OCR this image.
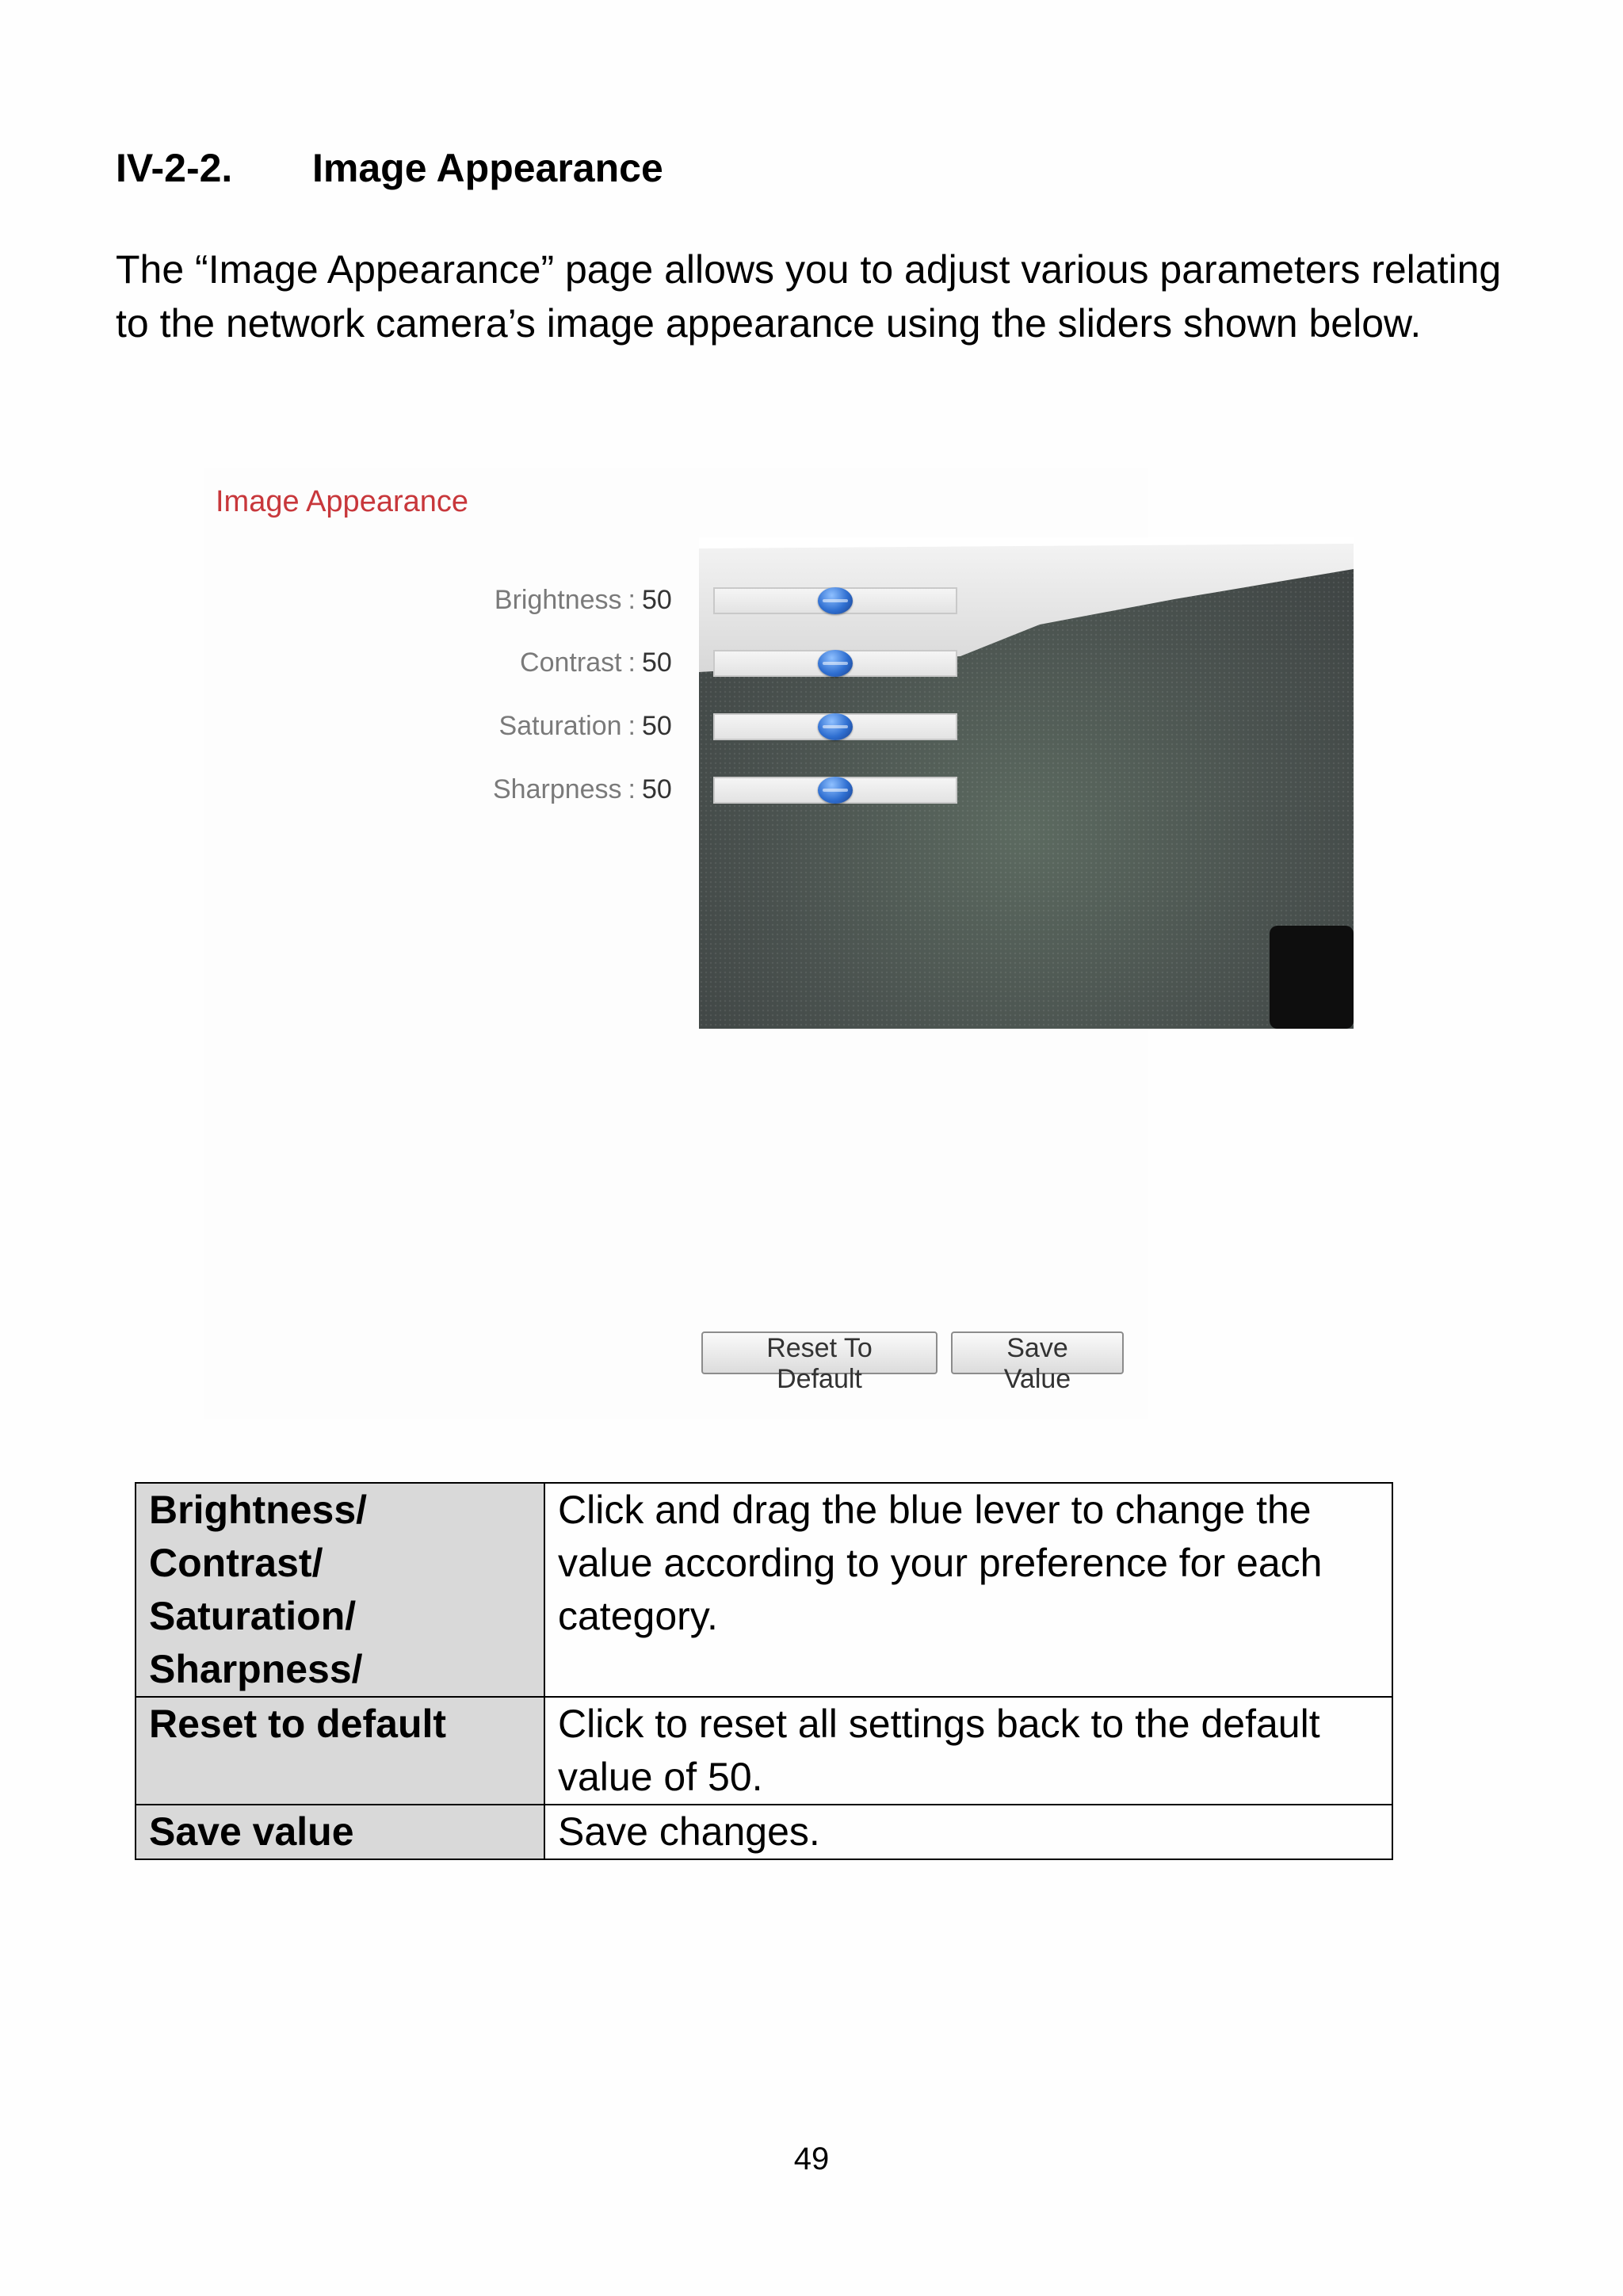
IV-2-2. Image Appearance
The “Image Appearance” page allows you to adjust various parameters relating to the network camera’s image appearance using the sliders shown below.
Image Appearance
Brightness : 50
Contrast : 50
Saturation : 50
Sharpness : 50
Reset To Default
Save Value
Brightness/
Contrast/
Saturation/
Sharpness/	Click and drag the blue lever to change the value according to your preference for each category.
Reset to default	Click to reset all settings back to the default value of 50.
Save value	Save changes.
49
